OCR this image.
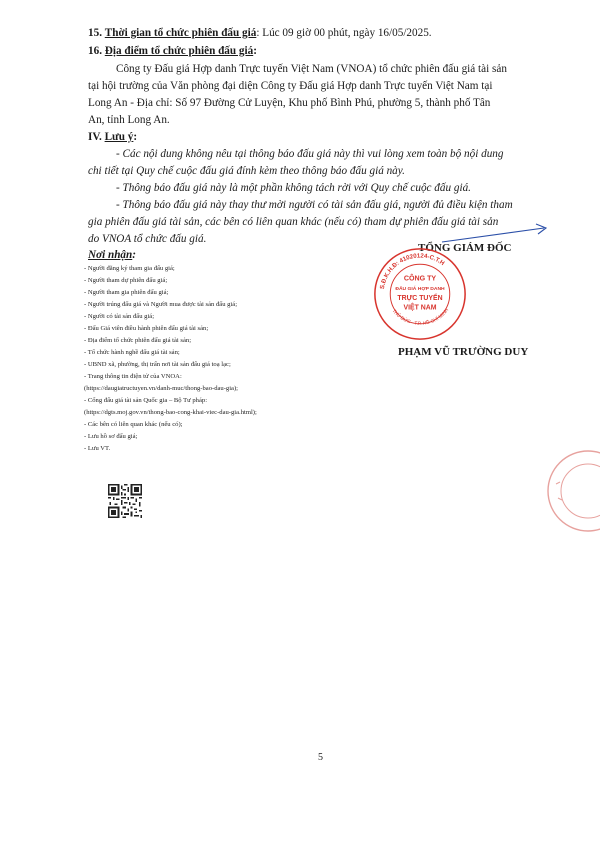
15. Thời gian tổ chức phiên đấu giá: Lúc 09 giờ 00 phút, ngày 16/05/2025.
16. Địa điểm tổ chức phiên đấu giá:
Công ty Đấu giá Hợp danh Trực tuyến Việt Nam (VNOA) tổ chức phiên đấu giá tài sản
tại hội trường của Văn phòng đại diện Công ty Đấu giá Hợp danh Trực tuyến Việt Nam tại
Long An - Địa chỉ: Số 97 Đường Cử Luyện, Khu phố Bình Phú, phường 5, thành phố Tân
An, tỉnh Long An.
IV. Lưu ý:
- Các nội dung không nêu tại thông báo đấu giá này thì vui lòng xem toàn bộ nội dung
chi tiết tại Quy chế cuộc đấu giá đính kèm theo thông báo đấu giá này.
- Thông báo đấu giá này là một phần không tách rời với Quy chế cuộc đấu giá.
- Thông báo đấu giá này thay thư mời người có tài sản đấu giá, người đủ điều kiện tham
gia phiên đấu giá tài sản, các bên có liên quan khác (nếu có) tham dự phiên đấu giá tài sản
do VNOA tổ chức đấu giá.
TỔNG GIÁM ĐỐC
S.Đ.K.H.Đ: 41020124-C.T.H
THỦ ĐỨC - T.P. HỒ CHÍ MINH
CÔNG TY
ĐẤU GIÁ HỢP DANH
TRỰC TUYẾN
VIỆT NAM
PHẠM VŨ TRƯỜNG DUY
Nơi nhận:
- Người đăng ký tham gia đấu giá;
- Người tham dự phiên đấu giá;
- Người tham gia phiên đấu giá;
- Người trúng đấu giá và Người mua được tài sản đấu giá;
- Người có tài sản đấu giá;
- Đấu Giá viên điều hành phiên đấu giá tài sản;
- Địa điểm tổ chức phiên đấu giá tài sản;
- Tổ chức hành nghề đấu giá tài sản;
- UBND xã, phường, thị trấn nơi tài sản đấu giá toạ lạc;
- Trang thông tin điện tử của VNOA:
(https://daugiatructuyen.vn/danh-muc/thong-bao-dau-gia);
- Cổng đấu giá tài sản Quốc gia – Bộ Tư pháp:
(https://dgts.moj.gov.vn/thong-bao-cong-khai-viec-dau-gia.html);
- Các bên có liên quan khác (nếu có);
- Lưu hồ sơ đấu giá;
- Lưu VT.
5
